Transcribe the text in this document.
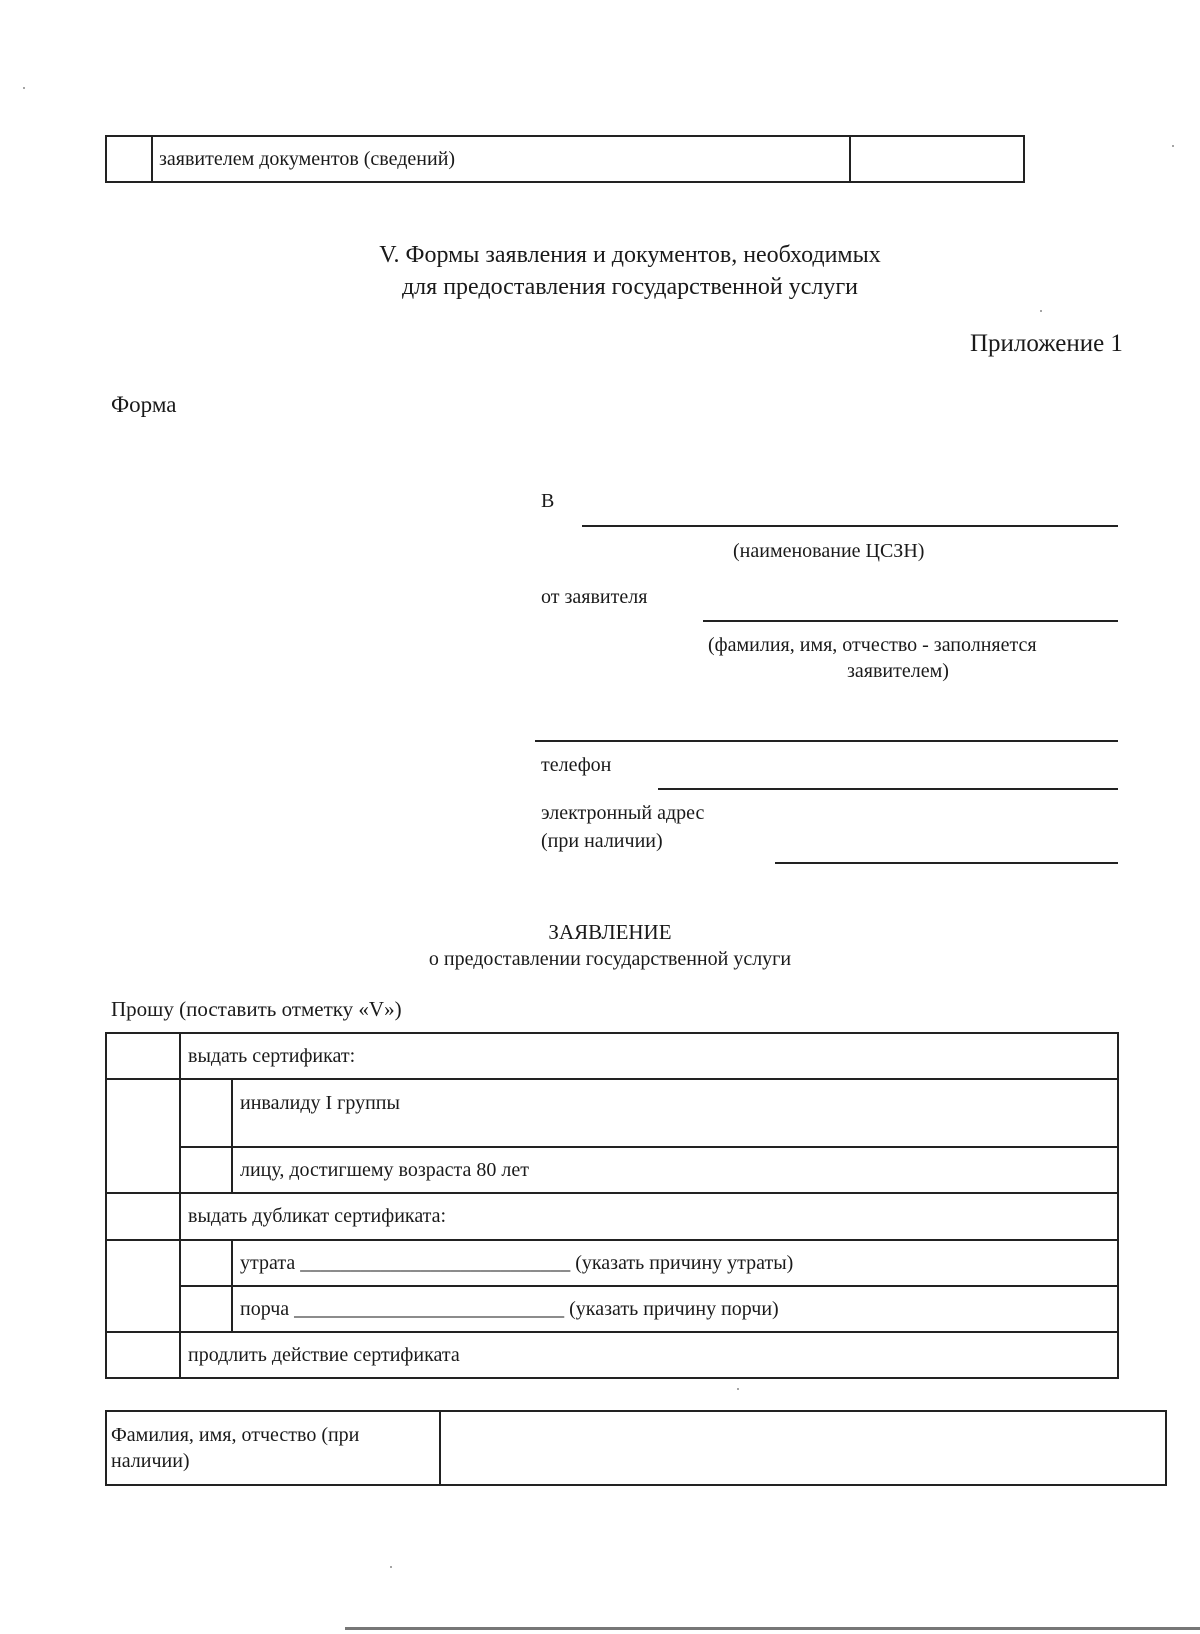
	заявителем документов (сведений)	
V. Формы заявления и документов, необходимых
для предоставления государственной услуги
Приложение 1
Форма
В
(наименование ЦСЗН)
от заявителя
(фамилия, имя, отчество - заполняется
заявителем)
телефон
электронный адрес
(при наличии)
ЗАЯВЛЕНИЕ
о предоставлении государственной услуги
Прошу (поставить отметку «V»)
	выдать сертификат:	
		инвалиду I группы
		лицу, достигшему возраста 80 лет
	выдать дубликат сертификата:	
		утрата ___________________________ (указать причину утраты)
		порча ___________________________ (указать причину порчи)
	продлить действие сертификата	
Фамилия, имя, отчество (при
наличии)
